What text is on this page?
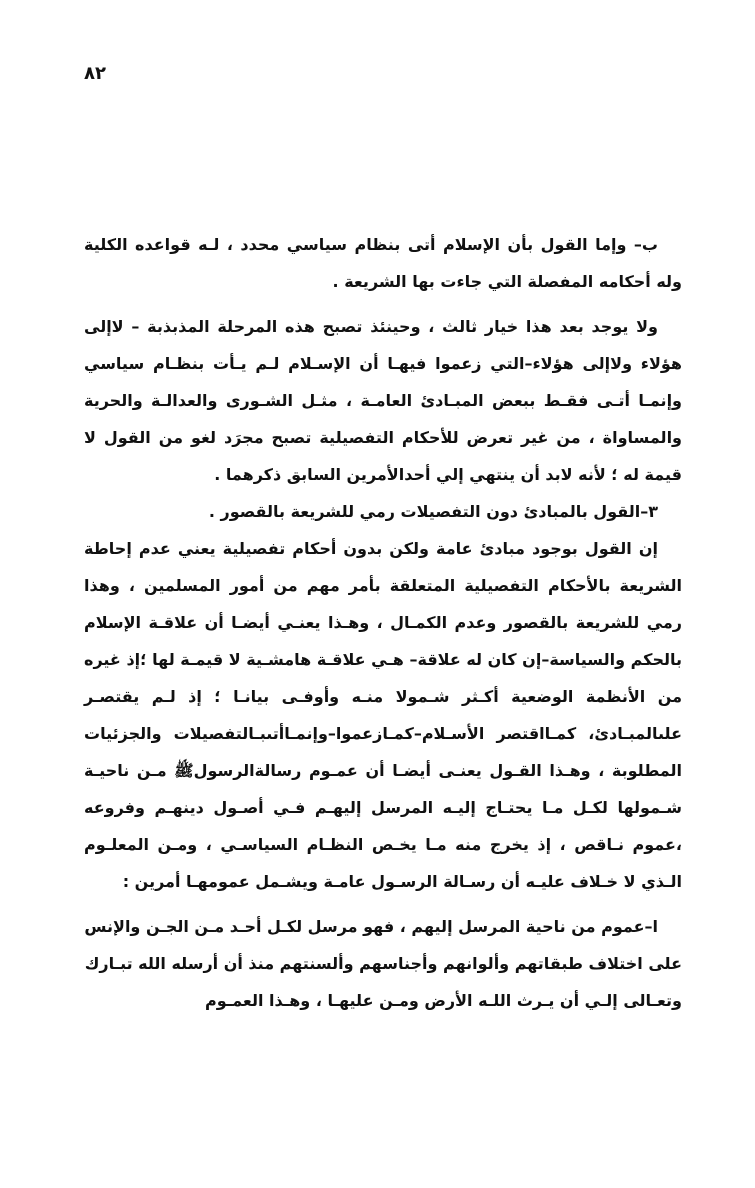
٨٢

ب– وإما القول بأن الإسلام أتى بنظام سياسي محدد ، لـه قواعده الكلية وله أحكامه المفصلة التي جاءت بها الشريعة .

ولا يوجد بعد هذا خيار ثالث ، وحينئذ تصبح هذه المرحلة المذبذبة – لاإلى هؤلاء ولاإلى هؤلاء–التي زعموا فيهـا أن الإسـلام لـم يـأت بنظـام سياسي وإنمـا أتـى فقـط ببعض المبـادئ العامـة ، مثـل الشـورى والعدالـة والحرية والمساواة ، من غير تعرض للأحكام التفصيلية تصبح مجرَد لغو من القول لا قيمة له ؛ لأنه لابد أن ينتهي إلي أحدالأمرين السابق ذكرهما .

٣–القول بالمبادئ دون التفصيلات رمي للشريعة بالقصور .

إن القول بوجود مبادئ عامة ولكن بدون أحكام تفصيلية يعني عدم إحاطة الشريعة بالأحكام التفصيلية المتعلقة بأمر مهم من أمور المسلمين ، وهذا رمي للشريعة بالقصور وعدم الكمـال ، وهـذا يعنـي أيضـا أن علاقـة الإسلام بالحكم والسياسة–إن كان له علاقة– هـي علاقـة هامشـية لا قيمـة لها ؛إذ غيره من الأنظمة الوضعية أكـثر شـمولا منـه وأوفـى بيانـا ؛ إذ لـم يقتصـر علىالمبـادئ، كمـااقتصر الأسـلام–كمـازعموا–وإنمـاأتىبـالتفصيلات والجزئيات المطلوبة ، وهـذا القـول يعنـى أيضـا أن عمـوم رسالةالرسولﷺ مـن ناحيـة شـمولها لكـل مـا يحتـاج إليـه المرسل إليهـم فـي أصـول دينهـم وفروعه ،عموم نـاقص ، إذ يخرج منه مـا يخـص النظـام السياسـي ، ومـن المعلـوم الـذي لا خـلاف عليـه أن رسـالة الرسـول عامـة ويشـمل عمومهـا أمرين :

ا–عموم من ناحية المرسل إليهم ، فهو مرسل لكـل أحـد مـن الجـن والإنس على اختلاف طبقاتهم وألوانهم وأجناسهم وألسنتهم منذ أن أرسله الله تبـارك وتعـالى إلـي أن يـرث اللـه الأرض ومـن عليهـا ، وهـذا العمـوم
